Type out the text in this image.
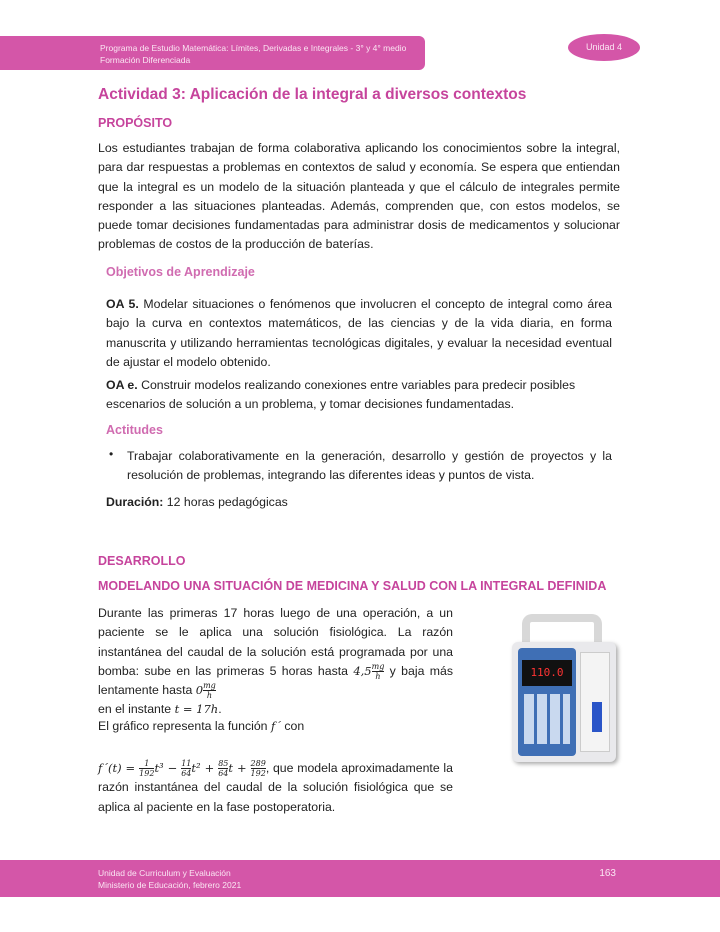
Programa de Estudio Matemática: Límites, Derivadas e Integrales - 3° y 4° medio
Formación Diferenciada
Unidad 4
Actividad 3: Aplicación de la integral a diversos contextos
PROPÓSITO
Los estudiantes trabajan de forma colaborativa aplicando los conocimientos sobre la integral, para dar respuestas a problemas en contextos de salud y economía. Se espera que entiendan que la integral es un modelo de la situación planteada y que el cálculo de integrales permite responder a las situaciones planteadas. Además, comprenden que, con estos modelos, se puede tomar decisiones fundamentadas para administrar dosis de medicamentos y solucionar problemas de costos de la producción de baterías.
Objetivos de Aprendizaje
OA 5. Modelar situaciones o fenómenos que involucren el concepto de integral como área bajo la curva en contextos matemáticos, de las ciencias y de la vida diaria, en forma manuscrita y utilizando herramientas tecnológicas digitales, y evaluar la necesidad eventual de ajustar el modelo obtenido.
OA e. Construir modelos realizando conexiones entre variables para predecir posibles escenarios de solución a un problema, y tomar decisiones fundamentadas.
Actitudes
• Trabajar colaborativamente en la generación, desarrollo y gestión de proyectos y la resolución de problemas, integrando las diferentes ideas y puntos de vista.
Duración: 12 horas pedagógicas
DESARROLLO
MODELANDO UNA SITUACIÓN DE MEDICINA Y SALUD CON LA INTEGRAL DEFINIDA
Durante las primeras 17 horas luego de una operación, a un paciente se le aplica una solución fisiológica. La razón instantánea del caudal de la solución está programada por una bomba: sube en las primeras 5 horas hasta $4,5 \frac{mg}{h}$ y baja más lentamente hasta $0 \frac{mg}{h}$

en el instante t = 17h.
El gráfico representa la función f´ con
f´(t) = $\frac{1}{192} t^3 - \frac{11}{64} t^2 + \frac{85}{64}$ $t + \frac{289}{192}$ , que modela aproximadamente la razón instantánea del caudal de la solución fisiológica que se aplica al paciente en la fase postoperatoria.
110.0
Unidad de Curriculum y Evaluación
Ministerio de Educación, febrero 2021
163
